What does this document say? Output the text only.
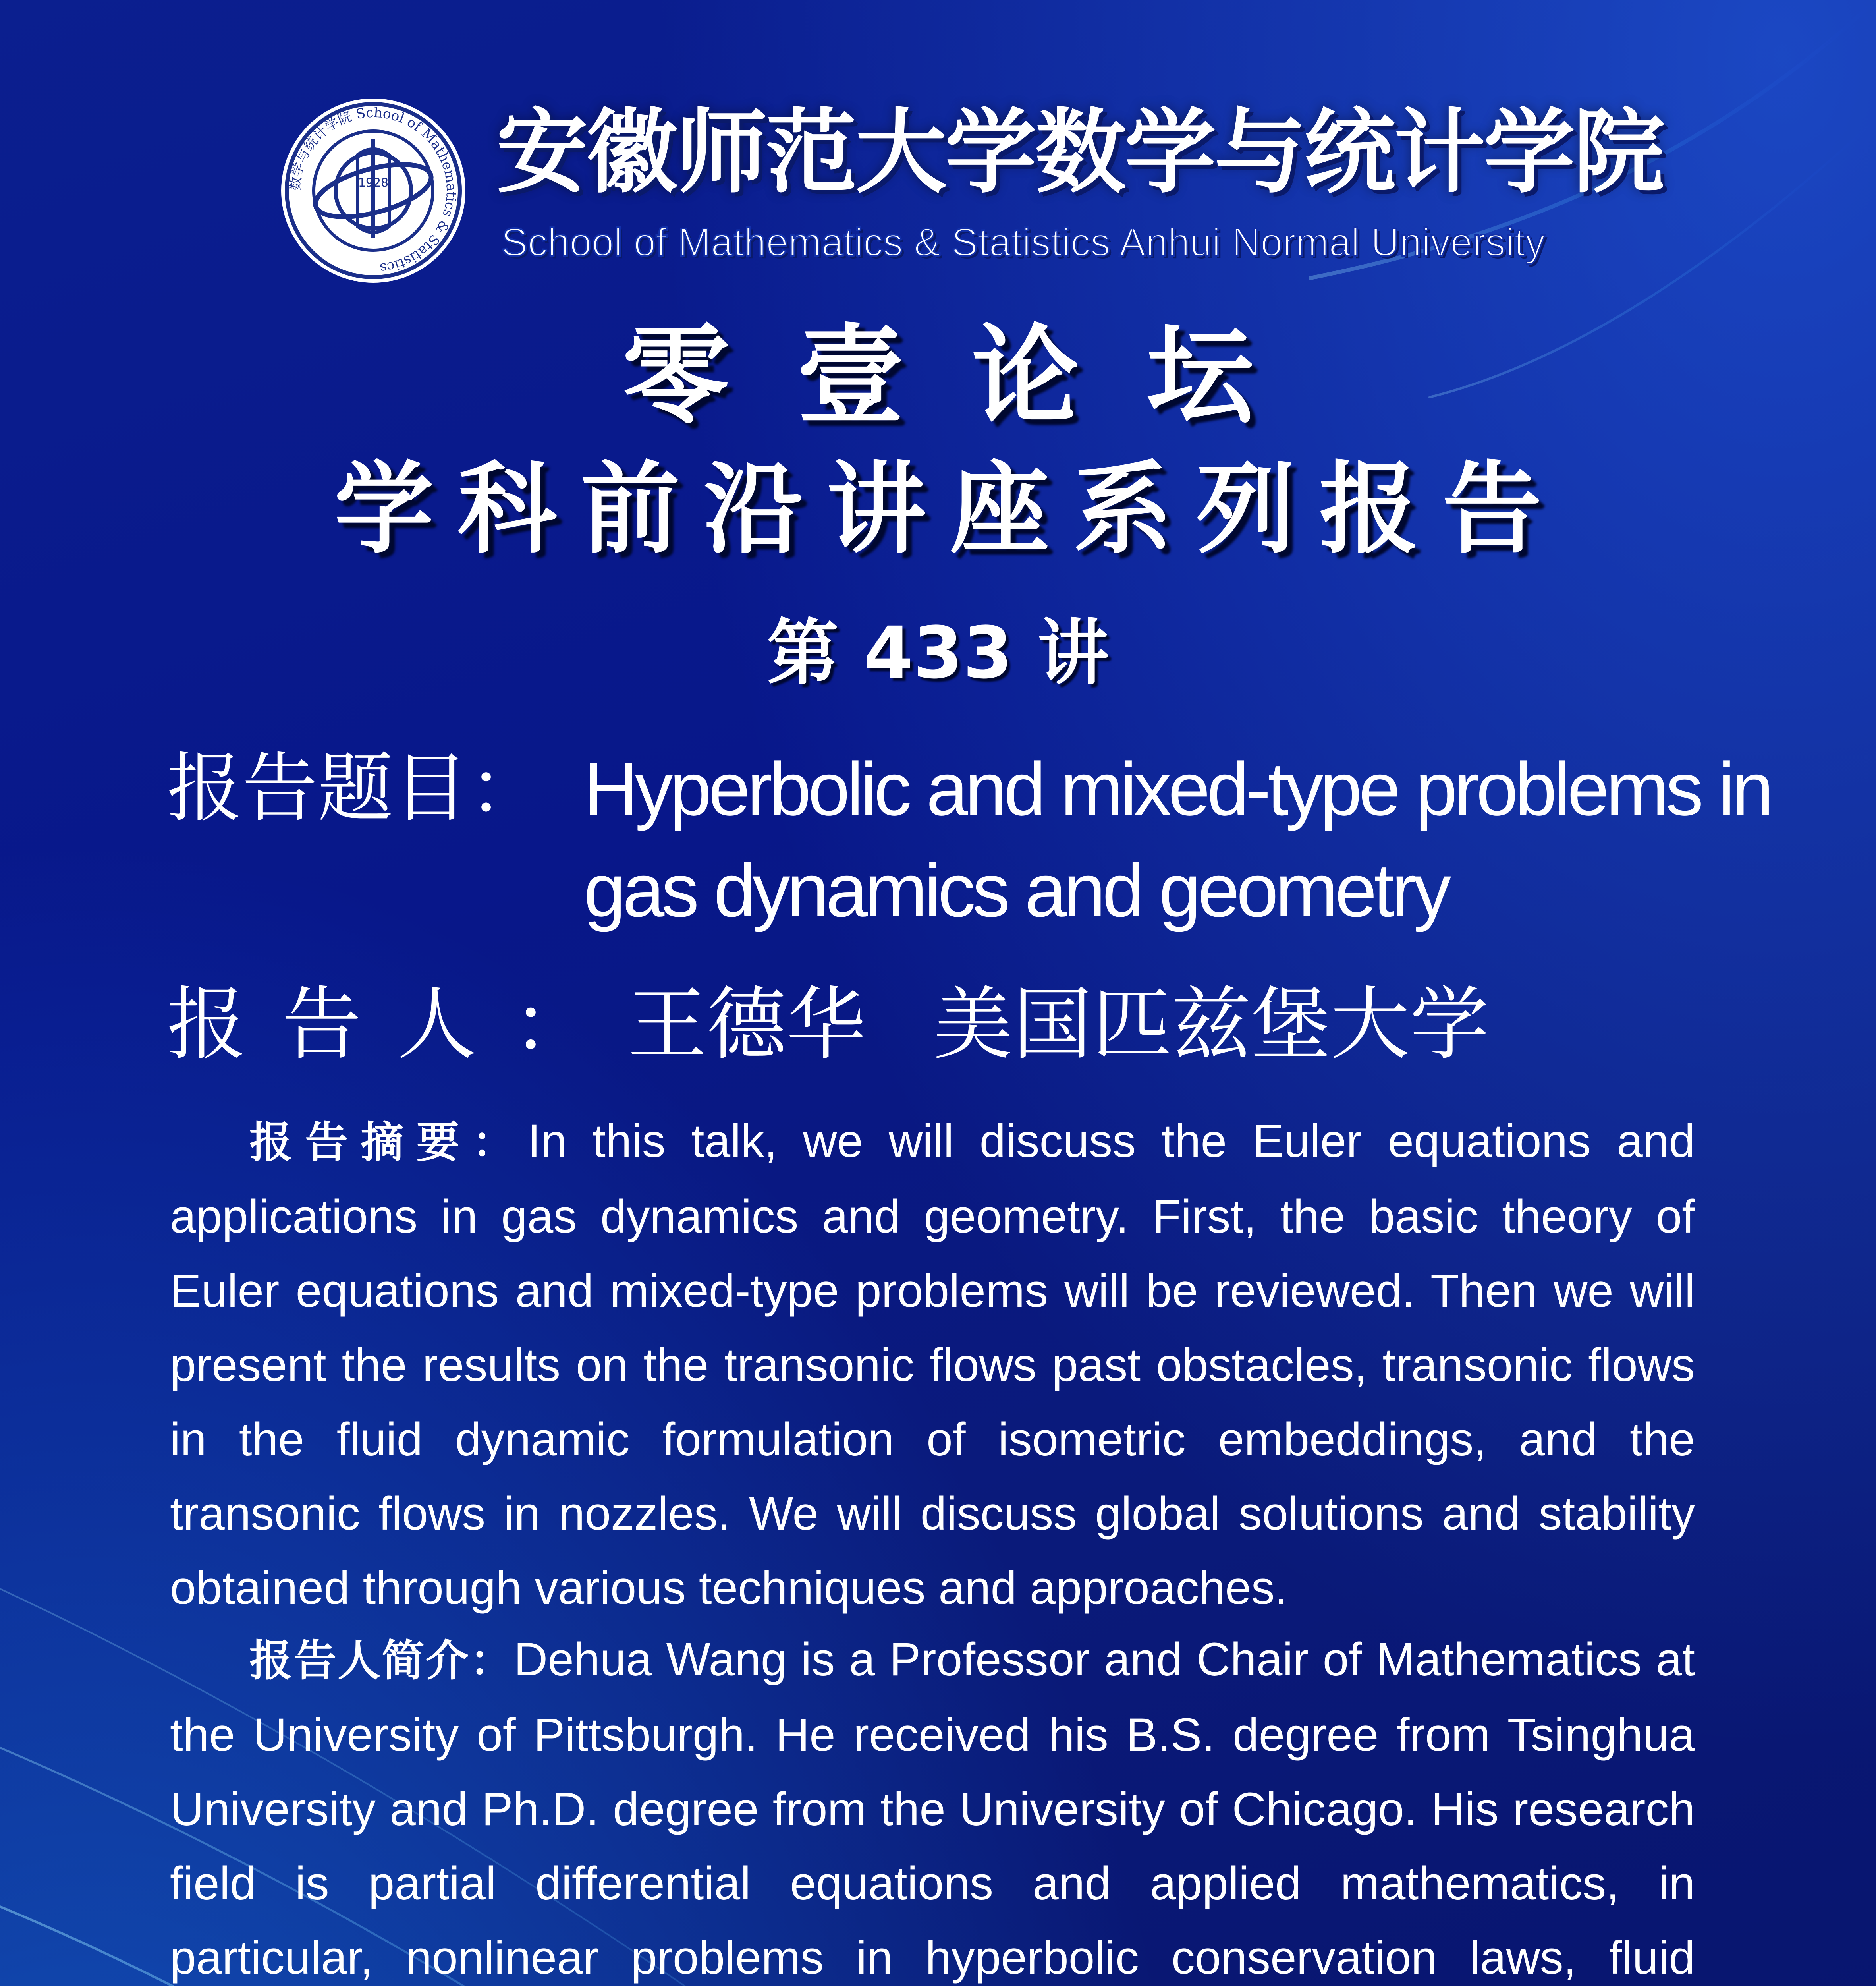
1928
数学与统计学院 School of Mathematics & Statistics
安徽师范大学数学与统计学院
School of Mathematics & Statistics Anhui Normal University
零壹论坛
学科前沿讲座系列报告
第 433 讲
报告题目： Hyperbolic and mixed-type problems in
gas dynamics and geometry
报告人：王德华 美国匹兹堡大学
报告摘要：In this talk, we will discuss the Euler equations and applications in gas dynamics and geometry. First, the basic theory of Euler equations and mixed-type problems will be reviewed. Then we will present the results on the transonic flows past obstacles, transonic flows in the fluid dynamic formulation of isometric embeddings, and the transonic flows in nozzles. We will discuss global solutions and stability obtained through various techniques and approaches.
报告人简介：Dehua Wang is a Professor and Chair of Mathematics at the University of Pittsburgh. He received his B.S. degree from Tsinghua University and Ph.D. degree from the University of Chicago. His research field is partial differential equations and applied mathematics, in particular, nonlinear problems in hyperbolic conservation laws, fluid
